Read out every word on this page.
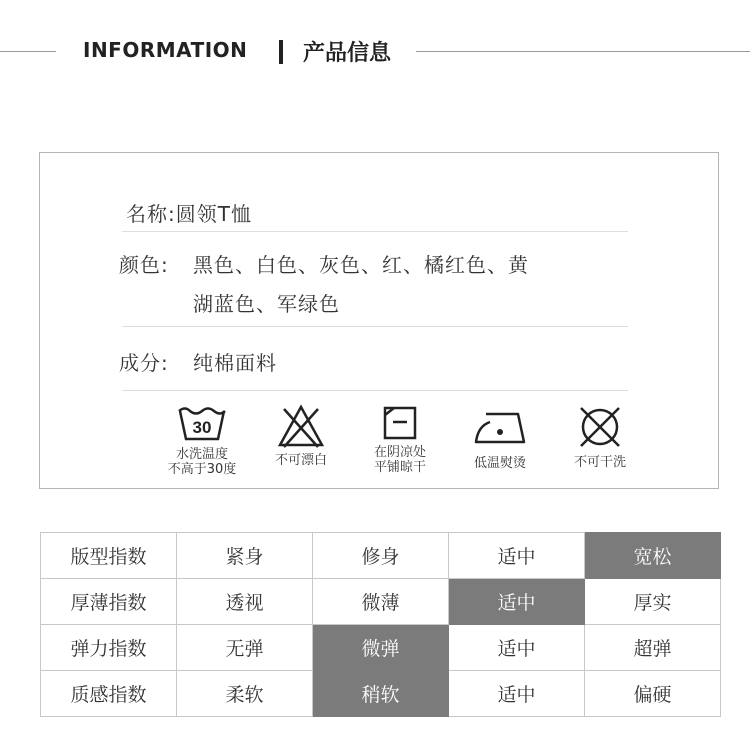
INFORMATION	产品信息
名称:圆领T恤
颜色: 黑色、白色、灰色、红、橘红色、黄
湖蓝色、军绿色
成分: 纯棉面料
30
水洗温度
不高于30度
不可漂白
在阴凉处
平铺晾干	低温熨烫	不可干洗
版型指数	紧身	修身	适中	宽松
厚薄指数	透视	微薄	适中	厚实
弹力指数	无弹	微弹	适中	超弹
质感指数	柔软	稍软	适中	偏硬
